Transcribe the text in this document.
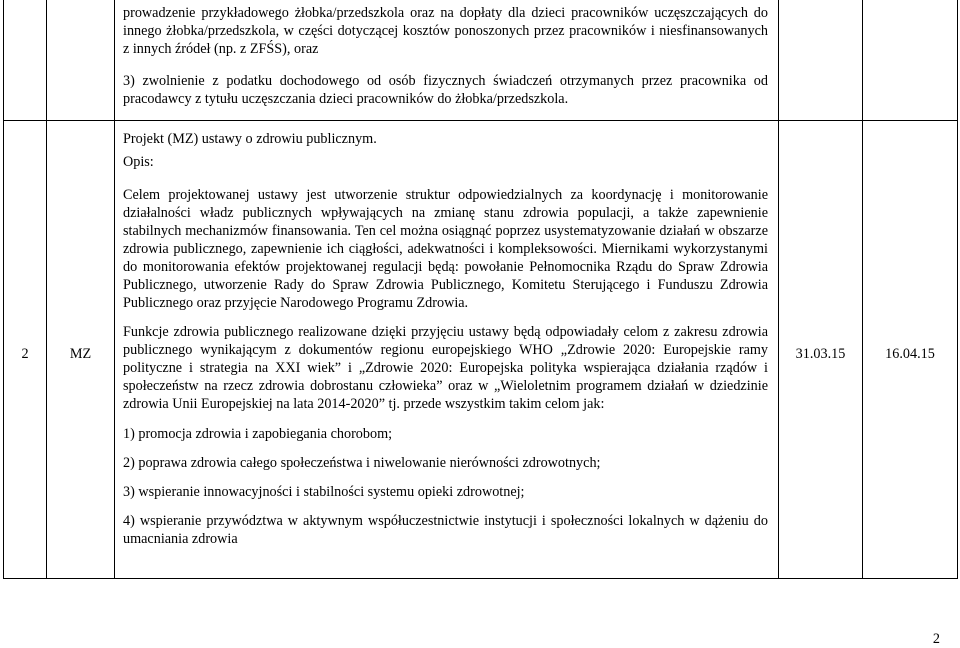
prowadzenie przykładowego żłobka/przedszkola oraz na dopłaty dla dzieci pracowników uczęszczających do innego żłobka/przedszkola, w części dotyczącej kosztów ponoszonych przez pracowników i niesfinansowanych z innych źródeł (np. z ZFŚS), oraz

3) zwolnienie z podatku dochodowego od osób fizycznych świadczeń otrzymanych przez pracownika od pracodawcy z tytułu uczęszczania dzieci pracowników do żłobka/przedszkola.

2	MZ

Projekt (MZ) ustawy o zdrowiu publicznym.

Opis:

Celem projektowanej ustawy jest utworzenie struktur odpowiedzialnych za koordynację i monitorowanie działalności władz publicznych wpływających na zmianę stanu zdrowia populacji, a także zapewnienie stabilnych mechanizmów finansowania. Ten cel można osiągnąć poprzez usystematyzowanie działań w obszarze zdrowia publicznego, zapewnienie ich ciągłości, adekwatności i kompleksowości. Miernikami wykorzystanymi do monitorowania efektów projektowanej regulacji będą: powołanie Pełnomocnika Rządu do Spraw Zdrowia Publicznego, utworzenie Rady do Spraw Zdrowia Publicznego, Komitetu Sterującego i Funduszu Zdrowia Publicznego oraz przyjęcie Narodowego Programu Zdrowia.

Funkcje zdrowia publicznego realizowane dzięki przyjęciu ustawy będą odpowiadały celom z zakresu zdrowia publicznego wynikającym z dokumentów regionu europejskiego WHO „Zdrowie 2020: Europejskie ramy polityczne i strategia na XXI wiek” i „Zdrowie 2020: Europejska polityka wspierająca działania rządów i społeczeństw na rzecz zdrowia dobrostanu człowieka” oraz w „Wieloletnim programem działań w dziedzinie zdrowia Unii Europejskiej na lata 2014-2020” tj. przede wszystkim takim celom jak:

1) promocja zdrowia i zapobiegania chorobom;

2) poprawa zdrowia całego społeczeństwa i niwelowanie nierówności zdrowotnych;

3) wspieranie innowacyjności i stabilności systemu opieki zdrowotnej;

4) wspieranie przywództwa w aktywnym współuczestnictwie instytucji i społeczności lokalnych w dążeniu do umacniania zdrowia

31.03.15	16.04.15
2
